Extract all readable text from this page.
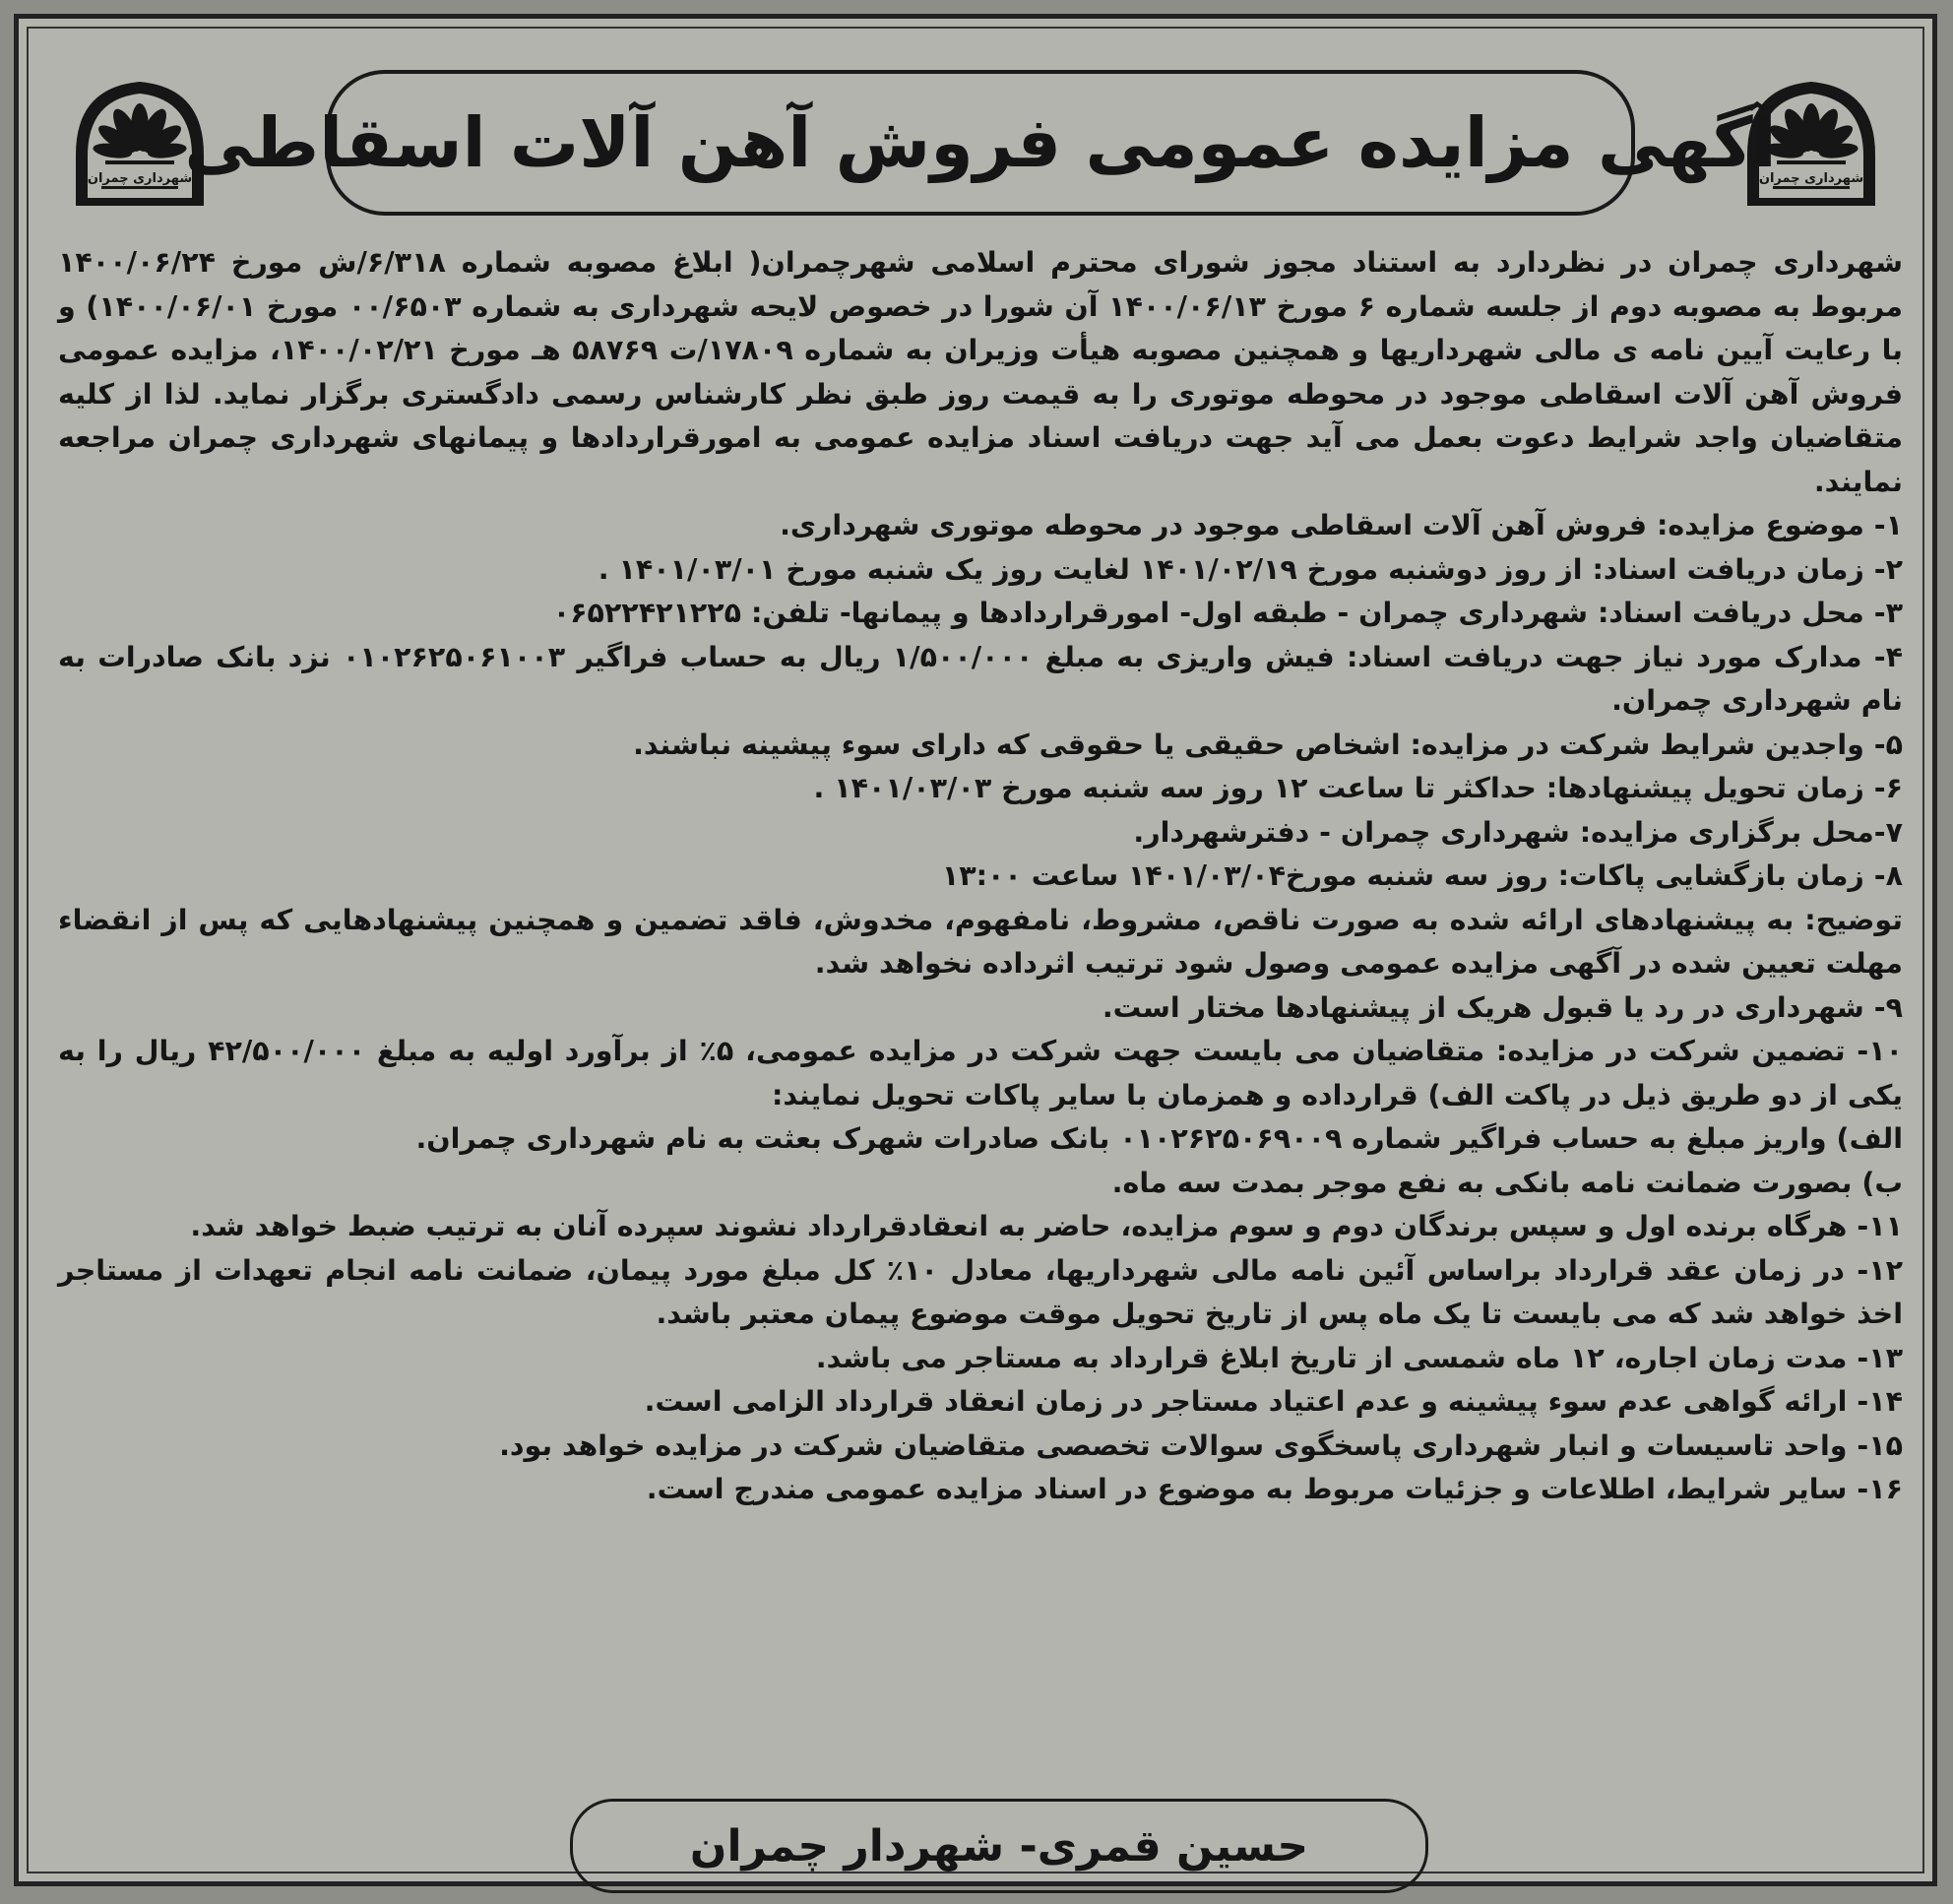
شهرداری چمران	شهرداری چمران
آگهی مزایده عمومی فروش آهن آلات اسقاطی

شهرداری چمران در نظردارد به استناد مجوز شورای محترم اسلامی شهرچمران( ابلاغ مصوبه شماره ۶/۳۱۸/ش مورخ ۱۴۰۰/۰۶/۲۴ مربوط به مصوبه دوم از جلسه شماره ۶ مورخ ۱۴۰۰/۰۶/۱۳ آن شورا در خصوص لایحه شهرداری به شماره ۰۰/۶۵۰۳ مورخ ۱۴۰۰/۰۶/۰۱) و با رعایت آیین نامه ی مالی شهرداریها و همچنین مصوبه هیأت وزیران به شماره ۱۷۸۰۹/ت ۵۸۷۶۹ هـ مورخ ۱۴۰۰/۰۲/۲۱، مزایده عمومی فروش آهن آلات اسقاطی موجود در محوطه موتوری را به قیمت روز طبق نظر کارشناس رسمی دادگستری برگزار نماید. لذا از کلیه متقاضیان واجد شرایط دعوت بعمل می آید جهت دریافت اسناد مزایده عمومی به امورقراردادها و پیمانهای شهرداری چمران مراجعه نمایند.

۱- موضوع مزایده: فروش آهن آلات اسقاطی موجود در محوطه موتوری شهرداری.

۲- زمان دریافت اسناد: از روز دوشنبه مورخ ۱۴۰۱/۰۲/۱۹ لغایت روز یک شنبه مورخ ۱۴۰۱/۰۳/۰۱ .

۳- محل دریافت اسناد: شهرداری چمران - طبقه اول- امورقراردادها و پیمانها- تلفن: ۰۶۵۲۲۴۲۱۲۲۵

۴- مدارک مورد نیاز جهت دریافت اسناد: فیش واریزی به مبلغ ۱/۵۰۰/۰۰۰ ریال به حساب فراگیر ۰۱۰۲۶۲۵۰۶۱۰۰۳ نزد بانک صادرات به نام شهرداری چمران.

۵- واجدین شرایط شرکت در مزایده: اشخاص حقیقی یا حقوقی که دارای سوء پیشینه نباشند.

۶- زمان تحویل پیشنهادها: حداکثر تا ساعت ۱۲ روز سه شنبه مورخ ۱۴۰۱/۰۳/۰۳ .

۷-محل برگزاری مزایده: شهرداری چمران - دفترشهردار.

۸- زمان بازگشایی پاکات: روز سه شنبه مورخ۱۴۰۱/۰۳/۰۴ ساعت ۱۳:۰۰

توضیح: به پیشنهادهای ارائه شده به صورت ناقص، مشروط، نامفهوم، مخدوش، فاقد تضمین و همچنین پیشنهادهایی که پس از انقضاء مهلت تعیین شده در آگهی مزایده عمومی وصول شود ترتیب اثرداده نخواهد شد.

۹- شهرداری در رد یا قبول هریک از پیشنهادها مختار است.

۱۰- تضمین شرکت در مزایده: متقاضیان می بایست جهت شرکت در مزایده عمومی، ۵٪ از برآورد اولیه به مبلغ ۴۲/۵۰۰/۰۰۰ ریال را به یکی از دو طریق ذیل در پاکت الف) قرارداده و همزمان با سایر پاکات تحویل نمایند:

الف) واریز مبلغ به حساب فراگیر شماره ۰۱۰۲۶۲۵۰۶۹۰۰۹ بانک صادرات شهرک بعثت به نام شهرداری چمران.

ب) بصورت ضمانت نامه بانکی به نفع موجر بمدت سه ماه.

۱۱- هرگاه برنده اول و سپس برندگان دوم و سوم مزایده، حاضر به انعقادقرارداد نشوند سپرده آنان به ترتیب ضبط خواهد شد.

۱۲- در زمان عقد قرارداد براساس آئین نامه مالی شهرداریها، معادل ۱۰٪ کل مبلغ مورد پیمان، ضمانت نامه انجام تعهدات از مستاجر اخذ خواهد شد که می بایست تا یک ماه پس از تاریخ تحویل موقت موضوع پیمان معتبر باشد.

۱۳- مدت زمان اجاره، ۱۲ ماه شمسی از تاریخ ابلاغ قرارداد به مستاجر می باشد.

۱۴- ارائه گواهی عدم سوء پیشینه و عدم اعتیاد مستاجر در زمان انعقاد قرارداد الزامی است.

۱۵- واحد تاسیسات و انبار شهرداری پاسخگوی سوالات تخصصی متقاضیان شرکت در مزایده خواهد بود.

۱۶- سایر شرایط، اطلاعات و جزئیات مربوط به موضوع در اسناد مزایده عمومی مندرج است.

حسین قمری- شهردار چمران
